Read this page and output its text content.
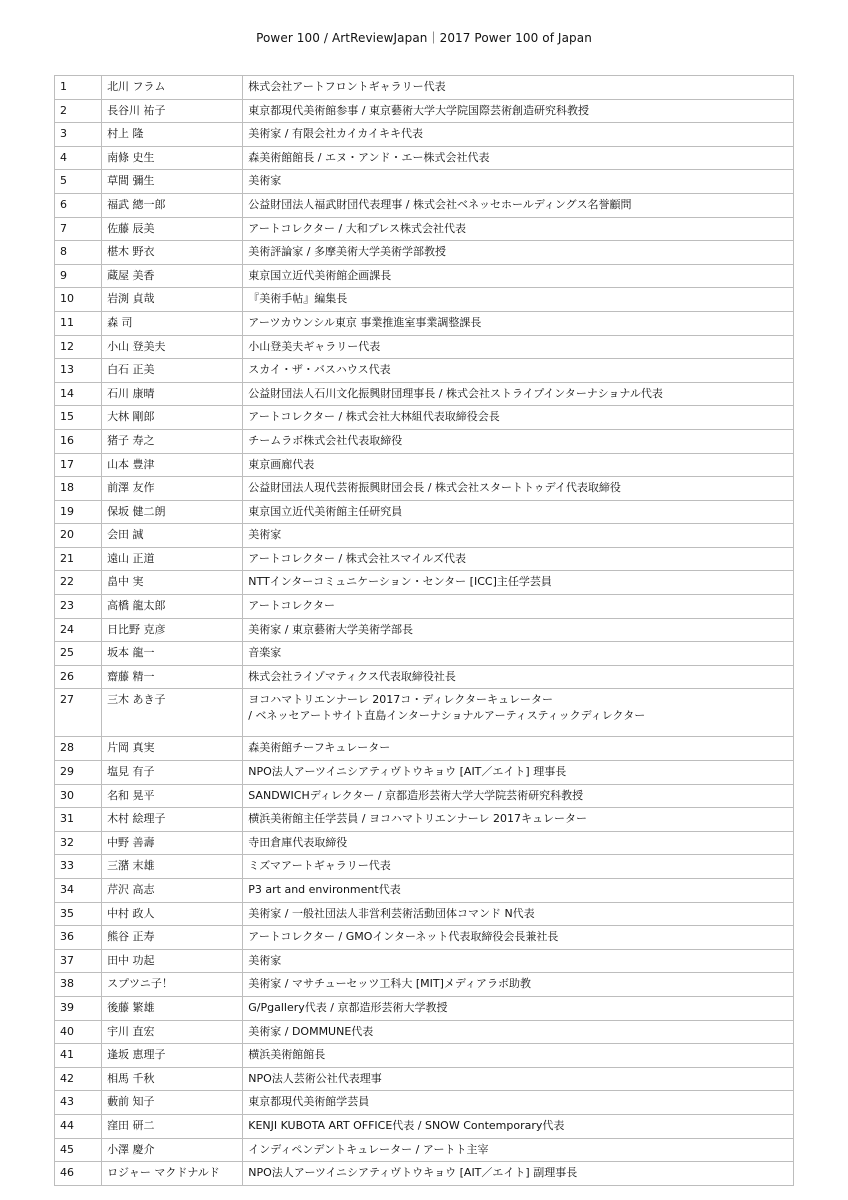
Power 100 / ArtReviewJapan｜2017 Power 100 of Japan
1	北川 フラム	株式会社アートフロントギャラリー代表
2	長谷川 祐子	東京都現代美術館参事 / 東京藝術大学大学院国際芸術創造研究科教授
3	村上 隆	美術家 / 有限会社カイカイキキ代表
4	南條 史生	森美術館館長 / エヌ・アンド・エー株式会社代表
5	草間 彌生	美術家
6	福武 總一郎	公益財団法人福武財団代表理事 / 株式会社ベネッセホールディングス名誉顧問
7	佐藤 辰美	アートコレクター / 大和プレス株式会社代表
8	椹木 野衣	美術評論家 / 多摩美術大学美術学部教授
9	蔵屋 美香	東京国立近代美術館企画課長
10	岩渕 貞哉	『美術手帖』編集長
11	森 司	アーツカウンシル東京 事業推進室事業調整課長
12	小山 登美夫	小山登美夫ギャラリー代表
13	白石 正美	スカイ・ザ・バスハウス代表
14	石川 康晴	公益財団法人石川文化振興財団理事長 / 株式会社ストライプインターナショナル代表
15	大林 剛郎	アートコレクター / 株式会社大林組代表取締役会長
16	猪子 寿之	チームラボ株式会社代表取締役
17	山本 豊津	東京画廊代表
18	前澤 友作	公益財団法人現代芸術振興財団会長 / 株式会社スタートトゥデイ代表取締役
19	保坂 健二朗	東京国立近代美術館主任研究員
20	会田 誠	美術家
21	遠山 正道	アートコレクター / 株式会社スマイルズ代表
22	畠中 実	NTTインターコミュニケーション・センター [ICC]主任学芸員
23	高橋 龍太郎	アートコレクター
24	日比野 克彦	美術家 / 東京藝術大学美術学部長
25	坂本 龍一	音楽家
26	齋藤 精一	株式会社ライゾマティクス代表取締役社長
27	三木 あき子	ヨコハマトリエンナーレ 2017コ・ディレクターキュレーター
/ ベネッセアートサイト直島インターナショナルアーティスティックディレクター

28	片岡 真実	森美術館チーフキュレーター
29	塩見 有子	NPO法人アーツイニシアティヴトウキョウ [AIT／エイト] 理事長
30	名和 晃平	SANDWICHディレクター / 京都造形芸術大学大学院芸術研究科教授
31	木村 絵理子	横浜美術館主任学芸員 / ヨコハマトリエンナーレ 2017キュレーター
32	中野 善壽	寺田倉庫代表取締役
33	三潴 末雄	ミズマアートギャラリー代表
34	芹沢 高志	P3 art and environment代表
35	中村 政人	美術家 / 一般社団法人非営利芸術活動団体コマンド N代表
36	熊谷 正寿	アートコレクター / GMOインターネット代表取締役会長兼社長
37	田中 功起	美術家
38	スプツニ子！	美術家 / マサチューセッツ工科大 [MIT]メディアラボ助教
39	後藤 繁雄	G/Pgallery代表 / 京都造形芸術大学教授
40	宇川 直宏	美術家 / DOMMUNE代表
41	逢坂 恵理子	横浜美術館館長
42	相馬 千秋	NPO法人芸術公社代表理事
43	藪前 知子	東京都現代美術館学芸員
44	窪田 研二	KENJI KUBOTA ART OFFICE代表 / SNOW Contemporary代表
45	小澤 慶介	インディペンデントキュレーター / アートト主宰
46	ロジャー マクドナルド	NPO法人アーツイニシアティヴトウキョウ [AIT／エイト] 副理事長
